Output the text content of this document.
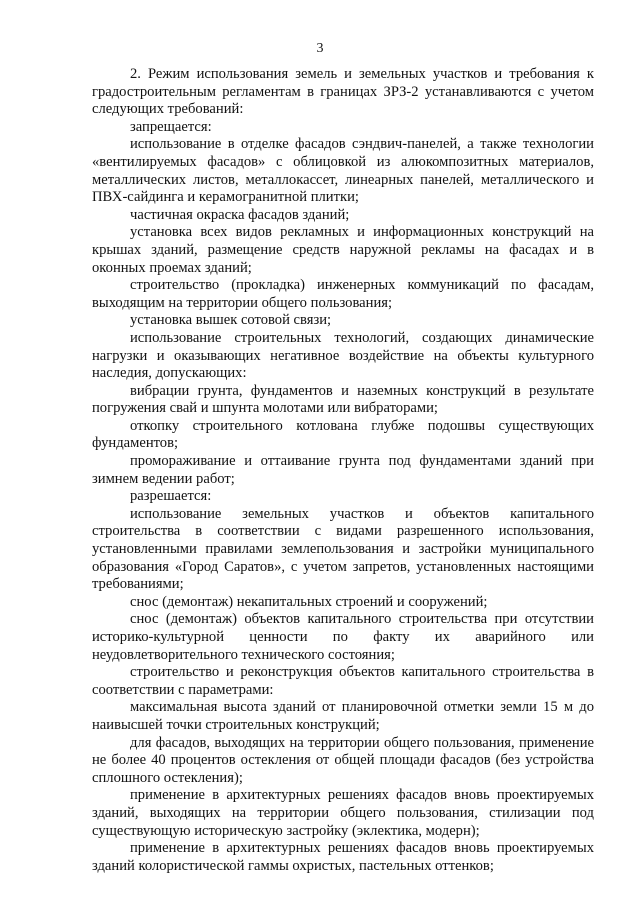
3

2. Режим использования земель и земельных участков и требования к градостроительным регламентам в границах ЗРЗ-2 устанавливаются с учетом следующих требований:

запрещается:

использование в отделке фасадов сэндвич-панелей, а также технологии «вентилируемых фасадов» с облицовкой из алюкомпозитных материалов, металлических листов, металлокассет, линеарных панелей, металлического и ПВХ-сайдинга и керамогранитной плитки;

частичная окраска фасадов зданий;

установка всех видов рекламных и информационных конструкций на крышах зданий, размещение средств наружной рекламы на фасадах и в оконных проемах зданий;

строительство (прокладка) инженерных коммуникаций по фасадам, выходящим на территории общего пользования;

установка вышек сотовой связи;

использование строительных технологий, создающих динамические нагрузки и оказывающих негативное воздействие на объекты культурного наследия, допускающих:

вибрации грунта, фундаментов и наземных конструкций в результате погружения свай и шпунта молотами или вибраторами;

откопку строительного котлована глубже подошвы существующих фундаментов;

промораживание и оттаивание грунта под фундаментами зданий при зимнем ведении работ;

разрешается:

использование земельных участков и объектов капитального строительства в соответствии с видами разрешенного использования, установленными правилами землепользования и застройки муниципального образования «Город Саратов», с учетом запретов, установленных настоящими требованиями;

снос (демонтаж) некапитальных строений и сооружений;

снос (демонтаж) объектов капитального строительства при отсутствии историко-культурной ценности по факту их аварийного или неудовлетворительного технического состояния;

строительство и реконструкция объектов капитального строительства в соответствии с параметрами:

максимальная высота зданий от планировочной отметки земли 15 м до наивысшей точки строительных конструкций;

для фасадов, выходящих на территории общего пользования, применение не более 40 процентов остекления от общей площади фасадов (без устройства сплошного остекления);

применение в архитектурных решениях фасадов вновь проектируемых зданий, выходящих на территории общего пользования, стилизации под существующую историческую застройку (эклектика, модерн);

применение в архитектурных решениях фасадов вновь проектируемых зданий колористической гаммы охристых, пастельных оттенков;
